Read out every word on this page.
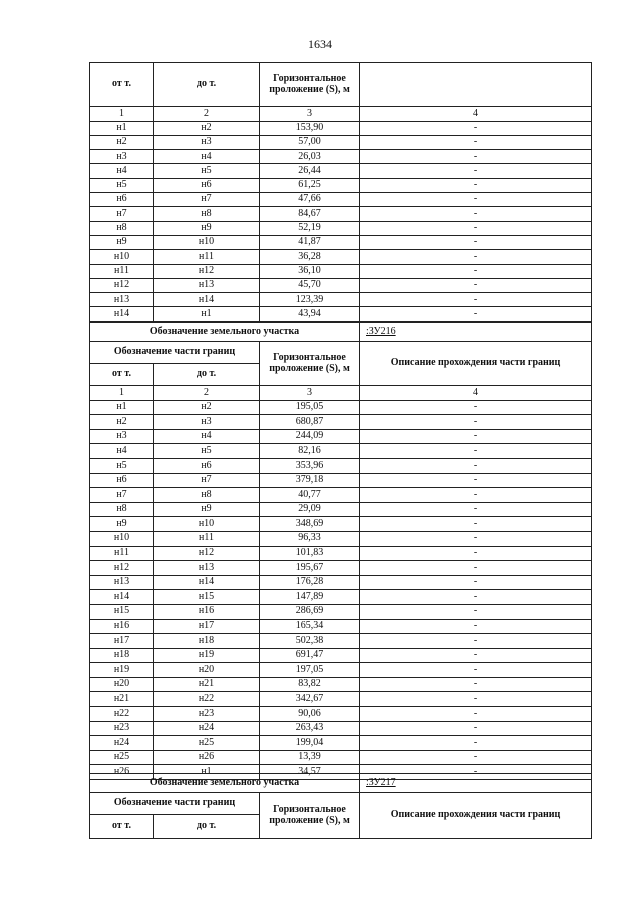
1634
от т.	до т.	Горизонтальное проложение (S), м	
1	2	3	4
н1	н2	153,90	-
н2	н3	57,00	-
н3	н4	26,03	-
н4	н5	26,44	-
н5	н6	61,25	-
н6	н7	47,66	-
н7	н8	84,67	-
н8	н9	52,19	-
н9	н10	41,87	-
н10	н11	36,28	-
н11	н12	36,10	-
н12	н13	45,70	-
н13	н14	123,39	-
н14	н1	43,94	-
Обозначение земельного участка			:ЗУ216
Обозначение части границ		Горизонтальное проложение (S), м	Описание прохождения части границ
от т.	до т.		
1	2	3	4
н1	н2	195,05	-
н2	н3	680,87	-
н3	н4	244,09	-
н4	н5	82,16	-
н5	н6	353,96	-
н6	н7	379,18	-
н7	н8	40,77	-
н8	н9	29,09	-
н9	н10	348,69	-
н10	н11	96,33	-
н11	н12	101,83	-
н12	н13	195,67	-
н13	н14	176,28	-
н14	н15	147,89	-
н15	н16	286,69	-
н16	н17	165,34	-
н17	н18	502,38	-
н18	н19	691,47	-
н19	н20	197,05	-
н20	н21	83,82	-
н21	н22	342,67	-
н22	н23	90,06	-
н23	н24	263,43	-
н24	н25	199,04	-
н25	н26	13,39	-
н26	н1	34,57	-
Обозначение земельного участка			:ЗУ217
Обозначение части границ		Горизонтальное проложение (S), м	Описание прохождения части границ
от т.	до т.		
